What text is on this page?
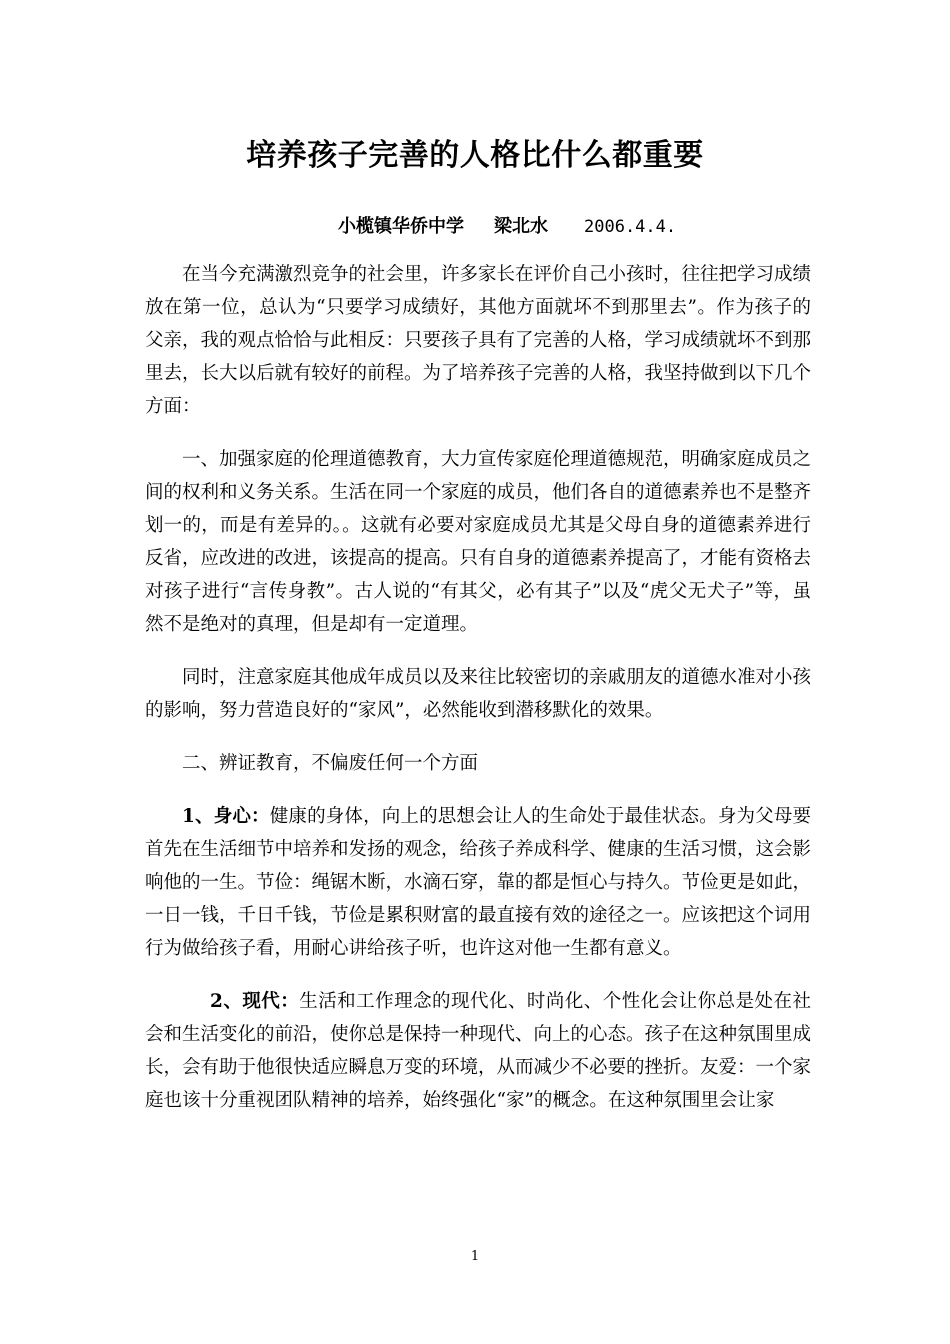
培养孩子完善的人格比什么都重要
小榄镇华侨中学 梁北水 2006.4.4.

在当今充满激烈竞争的社会里，许多家长在评价自己小孩时，往往把学习成绩放在第一位，总认为“只要学习成绩好，其他方面就坏不到那里去”。作为孩子的父亲，我的观点恰恰与此相反：只要孩子具有了完善的人格，学习成绩就坏不到那里去，长大以后就有较好的前程。为了培养孩子完善的人格，我坚持做到以下几个方面：

一、加强家庭的伦理道德教育，大力宣传家庭伦理道德规范，明确家庭成员之间的权利和义务关系。生活在同一个家庭的成员，他们各自的道德素养也不是整齐划一的，而是有差异的。。这就有必要对家庭成员尤其是父母自身的道德素养进行反省，应改进的改进，该提高的提高。只有自身的道德素养提高了，才能有资格去对孩子进行“言传身教”。古人说的“有其父，必有其子”以及“虎父无犬子”等，虽然不是绝对的真理，但是却有一定道理。

同时，注意家庭其他成年成员以及来往比较密切的亲戚朋友的道德水准对小孩的影响，努力营造良好的“家风”，必然能收到潜移默化的效果。

二、辨证教育，不偏废任何一个方面

1、身心：健康的身体，向上的思想会让人的生命处于最佳状态。身为父母要首先在生活细节中培养和发扬的观念，给孩子养成科学、健康的生活习惯，这会影响他的一生。节俭：绳锯木断，水滴石穿，靠的都是恒心与持久。节俭更是如此，一日一钱，千日千钱，节俭是累积财富的最直接有效的途径之一。应该把这个词用行为做给孩子看，用耐心讲给孩子听，也许这对他一生都有意义。

2、现代：生活和工作理念的现代化、时尚化、个性化会让你总是处在社会和生活变化的前沿，使你总是保持一种现代、向上的心态。孩子在这种氛围里成长，会有助于他很快适应瞬息万变的环境，从而减少不必要的挫折。友爱：一个家庭也该十分重视团队精神的培养，始终强化“家”的概念。在这种氛围里会让家

1
